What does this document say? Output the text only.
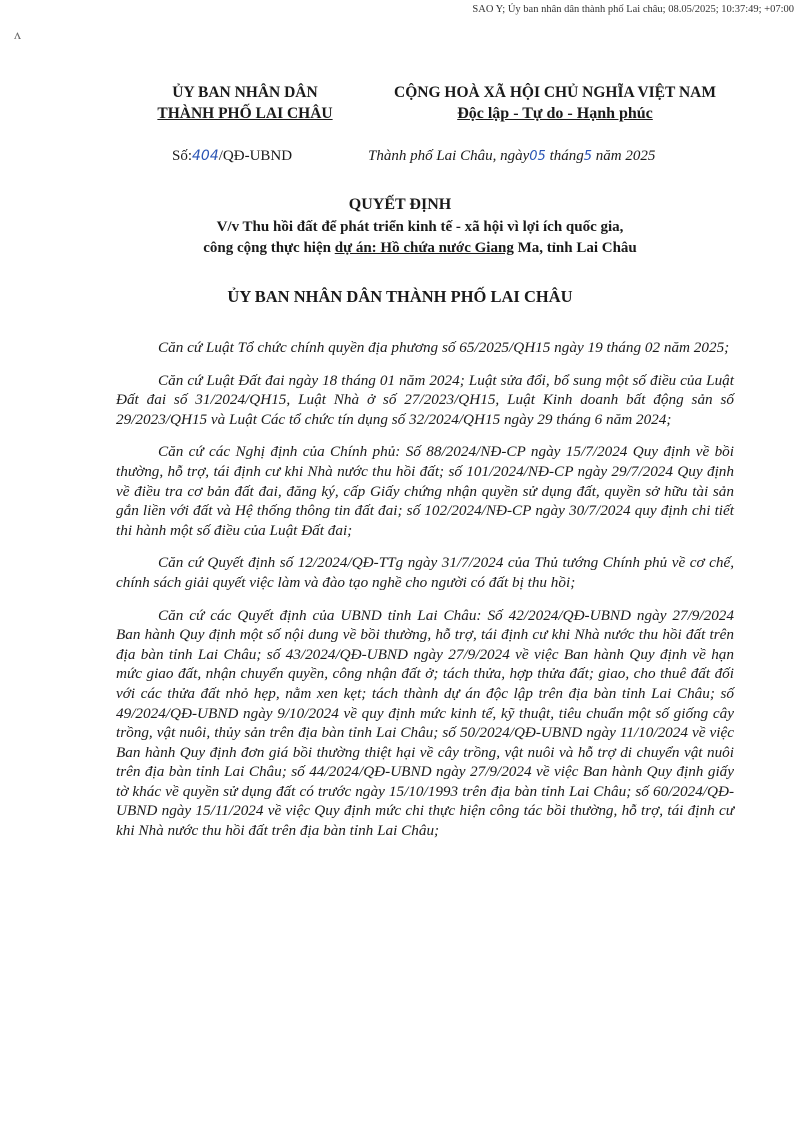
SAO Y; Ủy ban nhân dân thành phố Lai châu; 08.05/2025; 10:37:49; +07:00
ʌ
ỦY BAN NHÂN DÂN
THÀNH PHỐ LAI CHÂU
CỘNG HOÀ XÃ HỘI CHỦ NGHĨA VIỆT NAM
Độc lập - Tự do - Hạnh phúc
Số:404/QĐ-UBND	Thành phố Lai Châu, ngày05 tháng5 năm 2025
QUYẾT ĐỊNH
V/v Thu hồi đất để phát triển kinh tế - xã hội vì lợi ích quốc gia,
công cộng thực hiện dự án: Hồ chứa nước Giang Ma, tỉnh Lai Châu
ỦY BAN NHÂN DÂN THÀNH PHỐ LAI CHÂU

Căn cứ Luật Tổ chức chính quyền địa phương số 65/2025/QH15 ngày 19 tháng 02 năm 2025;

Căn cứ Luật Đất đai ngày 18 tháng 01 năm 2024; Luật sửa đổi, bổ sung một số điều của Luật Đất đai số 31/2024/QH15, Luật Nhà ở số 27/2023/QH15, Luật Kinh doanh bất động sản số 29/2023/QH15 và Luật Các tổ chức tín dụng số 32/2024/QH15 ngày 29 tháng 6 năm 2024;

Căn cứ các Nghị định của Chính phủ: Số 88/2024/NĐ-CP ngày 15/7/2024 Quy định về bồi thường, hỗ trợ, tái định cư khi Nhà nước thu hồi đất; số 101/2024/NĐ-CP ngày 29/7/2024 Quy định về điều tra cơ bản đất đai, đăng ký, cấp Giấy chứng nhận quyền sử dụng đất, quyền sở hữu tài sản gắn liền với đất và Hệ thống thông tin đất đai; số 102/2024/NĐ-CP ngày 30/7/2024 quy định chi tiết thi hành một số điều của Luật Đất đai;

Căn cứ Quyết định số 12/2024/QĐ-TTg ngày 31/7/2024 của Thủ tướng Chính phủ về cơ chế, chính sách giải quyết việc làm và đào tạo nghề cho người có đất bị thu hồi;

Căn cứ các Quyết định của UBND tỉnh Lai Châu: Số 42/2024/QĐ-UBND ngày 27/9/2024 Ban hành Quy định một số nội dung về bồi thường, hỗ trợ, tái định cư khi Nhà nước thu hồi đất trên địa bàn tỉnh Lai Châu; số 43/2024/QĐ-UBND ngày 27/9/2024 về việc Ban hành Quy định về hạn mức giao đất, nhận chuyển quyền, công nhận đất ở; tách thửa, hợp thửa đất; giao, cho thuê đất đối với các thửa đất nhỏ hẹp, nằm xen kẹt; tách thành dự án độc lập trên địa bàn tỉnh Lai Châu; số 49/2024/QĐ-UBND ngày 9/10/2024 về quy định mức kinh tế, kỹ thuật, tiêu chuẩn một số giống cây trồng, vật nuôi, thủy sản trên địa bàn tỉnh Lai Châu; số 50/2024/QĐ-UBND ngày 11/10/2024 về việc Ban hành Quy định đơn giá bồi thường thiệt hại về cây trồng, vật nuôi và hỗ trợ di chuyển vật nuôi trên địa bàn tỉnh Lai Châu; số 44/2024/QĐ-UBND ngày 27/9/2024 về việc Ban hành Quy định giấy tờ khác về quyền sử dụng đất có trước ngày 15/10/1993 trên địa bàn tỉnh Lai Châu; số 60/2024/QĐ-UBND ngày 15/11/2024 về việc Quy định mức chi thực hiện công tác bồi thường, hỗ trợ, tái định cư khi Nhà nước thu hồi đất trên địa bàn tỉnh Lai Châu;
